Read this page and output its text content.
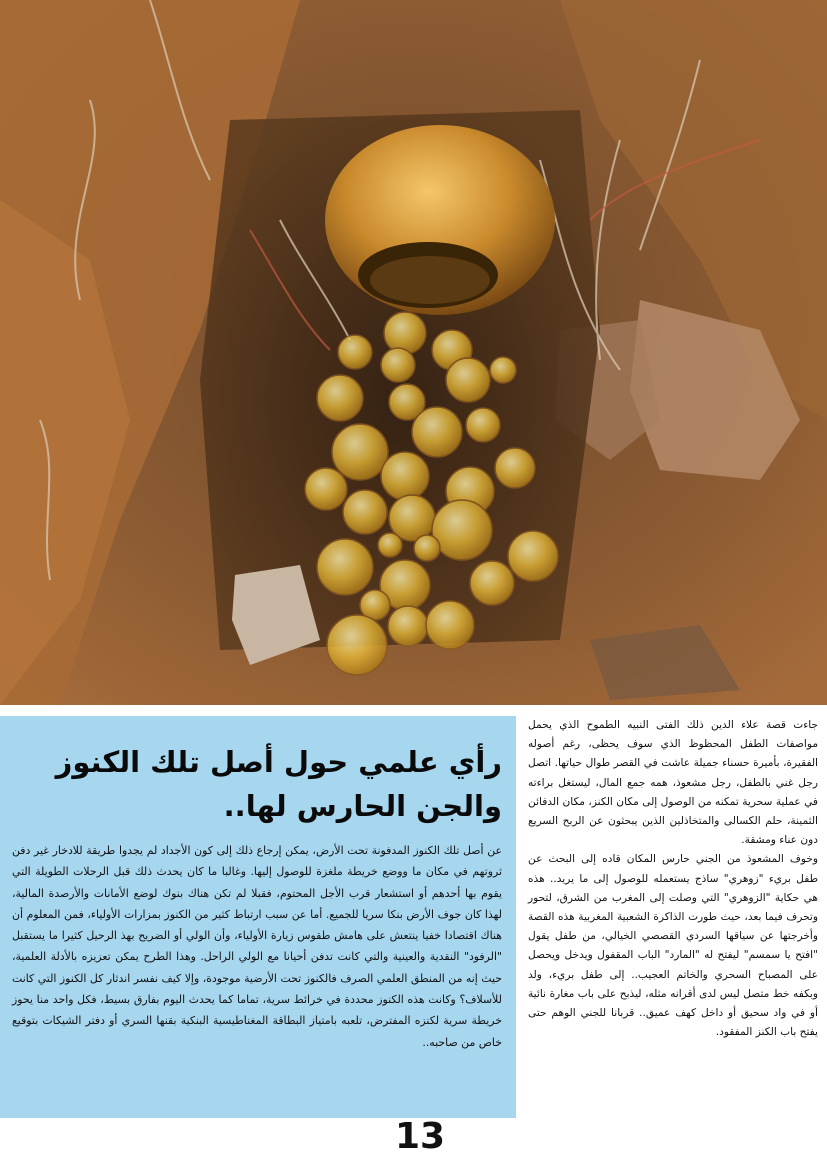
جاءت قصة علاء الدين ذلك الفتى النبيه الطموح الذي يحمل مواصفات الطفل المحظوظ الذي سوف يحظى، رغم أصوله الفقيرة، بأميرة حسناء جميلة عاشت في القصر طوال حياتها. اتصل رجل غني بالطفل، رجل مشعوذ، همه جمع المال، ليستغل براءته في عملية سحرية تمكنه من الوصول إلى مكان الكنز، مكان الدفائن الثمينة، حلم الكسالى والمتخاذلين الذين يبحثون عن الربح السريع دون عناء ومشقة.

وخوف المشعوذ من الجني حارس المكان قاده إلى البحث عن طفل بريء "زوهري" ساذج يستعمله للوصول إلى ما يريد.. هذه هي حكاية "الزوهري" التي وصلت إلى المغرب من الشرق، لتحور وتحرف فيما بعد، حيث طورت الذاكرة الشعبية المغربية هذه القصة وأخرجتها عن سياقها السردي القصصي الخيالي، من طفل يقول "افتح يا سمسم" ليفتح له "المارد" الباب المقفول ويدخل ويحصل على المصباح السحري والخاتم العجيب.. إلى طفل بريء، ولد وبكفه خط متصل ليس لدى أقرانه مثله، ليذبح على باب مغارة نائية أو في واد سحيق أو داخل كهف عميق.. قربانا للجني الوهم حتى يفتح باب الكنز المفقود.

رأي علمي حول أصل تلك الكنوز والجن الحارس لها..

عن أصل تلك الكنوز المدفونة تحت الأرض، يمكن إرجاع ذلك إلى كون الأجداد لم يجدوا طريقة للادخار غير دفن ثروتهم في مكان ما ووضع خريطة ملغزة للوصول إليها. وغالبا ما كان يحدث ذلك قبل الرحلات الطويلة التي يقوم بها أحدهم أو استشعار قرب الأجل المحتوم، فقبلا لم تكن هناك بنوك لوضع الأمانات والأرصدة المالية، لهذا كان جوف الأرض بنكا سريا للجميع. أما عن سبب ارتباط كثير من الكنوز بمزارات الأولياء، فمن المعلوم أن هناك اقتصادا خفيا ينتعش على هامش طقوس زيارة الأولياء، وأن الولي أو الضريح بهذ الرحيل كثيرا ما يستقبل "الرفود" النقدية والعينية والتي كانت تدفن أحيانا مع الولي الراحل. وهذا الطرح يمكن تعزيزه بالأدلة العلمية، حيث إنه من المنطق العلمي الصرف فالكنوز تحت الأرضية موجودة، وإلا كيف نفسر اندثار كل الكنوز التي كانت للأسلاف؟ وكانت هذه الكنوز محددة في خرائط سرية، تماما كما يحدث اليوم بفارق بسيط، فكل واحد منا يحوز خريطة سرية لكنزه المفترض، تلعبه بامتياز البطاقة المغناطيسية البنكية بقنها السري أو دفتر الشيكات بتوقيع خاص من صاحبه..

13
